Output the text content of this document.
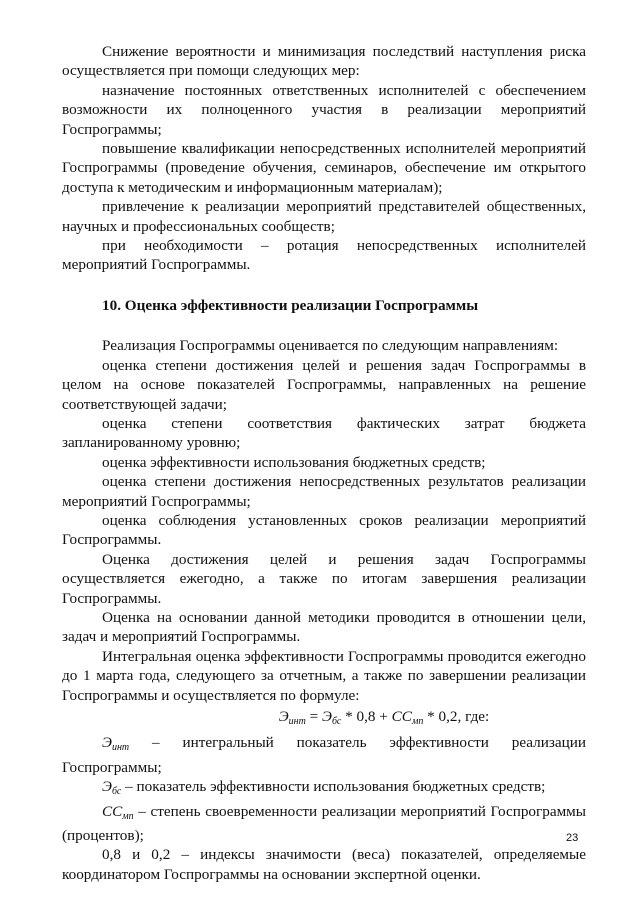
Снижение вероятности и минимизация последствий наступления риска осуществляется при помощи следующих мер:

назначение постоянных ответственных исполнителей с обеспечением возможности их полноценного участия в реализации мероприятий Госпрограммы;

повышение квалификации непосредственных исполнителей мероприятий Госпрограммы (проведение обучения, семинаров, обеспечение им открытого доступа к методическим и информационным материалам);

привлечение к реализации мероприятий представителей общественных, научных и профессиональных сообществ;

при необходимости – ротация непосредственных исполнителей мероприятий Госпрограммы.

10. Оценка эффективности реализации Госпрограммы

Реализация Госпрограммы оценивается по следующим направлениям:

оценка степени достижения целей и решения задач Госпрограммы в целом на основе показателей Госпрограммы, направленных на решение соответствующей задачи;

оценка степени соответствия фактических затрат бюджета запланированному уровню;

оценка эффективности использования бюджетных средств;

оценка степени достижения непосредственных результатов реализации мероприятий Госпрограммы;

оценка соблюдения установленных сроков реализации мероприятий Госпрограммы.

Оценка достижения целей и решения задач Госпрограммы осуществляется ежегодно, а также по итогам завершения реализации Госпрограммы.

Оценка на основании данной методики проводится в отношении цели, задач и мероприятий Госпрограммы.

Интегральная оценка эффективности Госпрограммы проводится ежегодно до 1 марта года, следующего за отчетным, а также по завершении реализации Госпрограммы и осуществляется по формуле:

$Э_{инт} = Э_{бс} * 0,8 + СС_{мп} * 0,2$, где:

$Э_{инт}$ – интегральный показатель эффективности реализации Госпрограммы;

$Э_{бс}$ – показатель эффективности использования бюджетных средств;

$СС_{мп}$ – степень своевременности реализации мероприятий Госпрограммы (процентов);

0,8 и 0,2 – индексы значимости (веса) показателей, определяемые координатором Госпрограммы на основании экспертной оценки.

23
